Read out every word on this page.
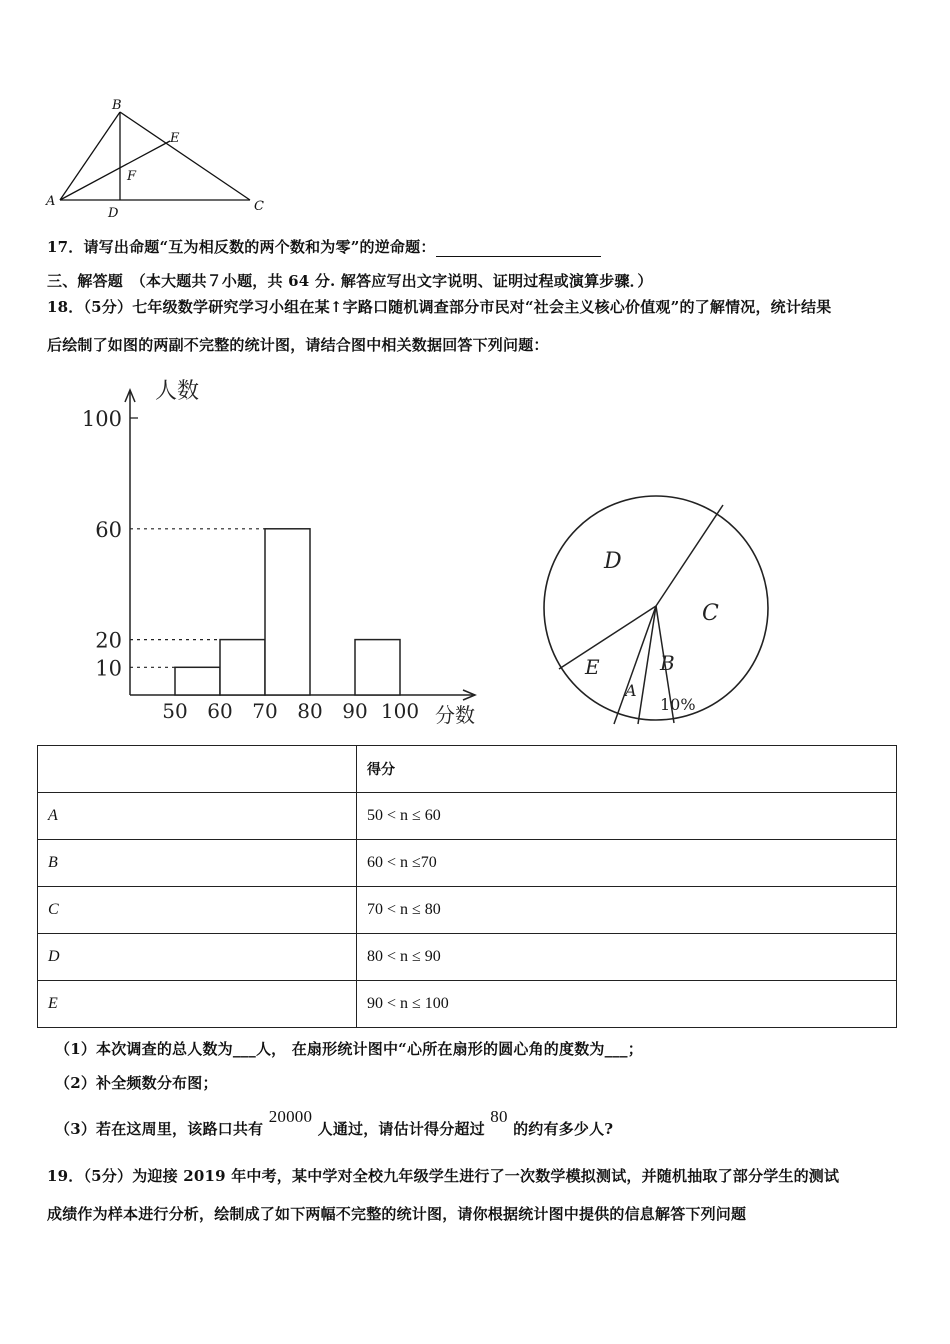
B
E
F
A
D	C
17．请写出命题“互为相反数的两个数和为零”的逆命题：
三、解答题　（本大题共７小题，共 64 分. 解答应写出文字说明、证明过程或演算步骤．）
18．（5分）七年级数学研究学习小组在某↑字路口随机调查部分市民对“社会主义核心价值观”的了解情况，统计结果
后绘制了如图的两副不完整的统计图，请结合图中相关数据回答下列问题：
10
20
60
100
50 60 70 80 90 100
人数
分数
D
C
B
10%
A
E
	得分
A	50 < n ≤ 60
B	60 < n ≤70
C	70 < n ≤ 80
D	80 < n ≤ 90
E	90 < n ≤ 100
（1）本次调查的总人数为___人， 在扇形统计图中“心所在扇形的圆心角的度数为___；
（2）补全频数分布图；
（3）若在这周里，该路口共有 20000 人通过，请估计得分超过 80 的约有多少人?
19．（5分）为迎接 2019 年中考，某中学对全校九年级学生进行了一次数学模拟测试，并随机抽取了部分学生的测试
成绩作为样本进行分析，绘制成了如下两幅不完整的统计图，请你根据统计图中提供的信息解答下列问题
